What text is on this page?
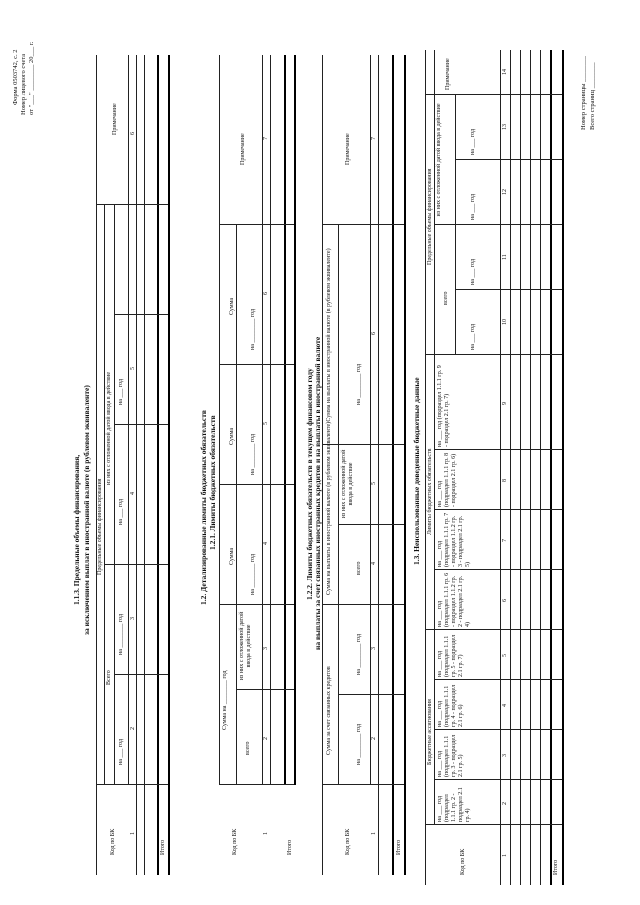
Форма 0503742, с. 2 Номер лицевого счета от "___" ________ 20___ г.
1.1.3. Предельные объемы финансирования, за исключением выплат в иностранной валюте (в рублевом эквиваленте)
Код по БК
Предельные объемы финансирования
Всего
из них с отложенной датой ввода в действие
Примечание
на ___ год
на ________ год
на ___ год
на ___ год
1
2
3
4
5
6
Итого
1.2. Детализированные лимиты бюджетных обязательств 1.2.1. Лимиты бюджетных обязательств
Код по БК
Сумма на ________ год
всего
из них с отложенной датой ввода в действие
Сумма
Сумма
Сумма
на ________ год
на ________ год
на ________ год
Примечание
1
2
3
4
5
6
7
Итого
1.2.2. Лимиты бюджетных обязательств в текущем финансовом году на выплаты за счет связанных иностранных кредитов и на выплаты в иностранной валюте
Код по БК
Сумма за счет связанных кредитов
Сумма на выплаты в иностранной валюте (в рублевом эквиваленте)
на ________ год
на ________ год
всего
из них с отложенной датой ввода в действие
Сумма на выплаты в иностранной валюте (в рублевом эквиваленте)	на ________ год
Примечание
1
2
3
4
5
6
7
Итого
1.3. Неиспользованные доведенные бюджетные данные
Код по БК
Бюджетные ассигнования
Лимиты бюджетных обязательств
Предельные объемы финансирования
всего
из них с отложенной датой ввода в действие
Примечание
на ___ год (подраздел 1.1.1 гр. 2 - подраздел 2.1 гр. 4)
на ___ год (подраздел 1.1.1 гр. 3 - подраздел 2.1 гр. 5)
на ___ год (подраздел 1.1.1 гр. 4 - подраздел 2.1 гр. 6)
на ___ год (подраздел 1.1.1 гр. 5 - подраздел 2.1 гр. 7)
на ___ год (подраздел 1.1.1 гр. 6 - подраздел 1.1.2 гр. 2 - подраздел 2.1 гр. 4)
на ___ год (подраздел 1.1.1 гр. 7 - подраздел 1.1.2 гр. 3 - подраздел 2.1 гр. 5)
на ___ год (подраздел 1.1.1 гр. 8 - подраздел 2.1 гр. 6)
на ___ год (подраздел 1.1.1 гр. 9 - подраздел 2.1 гр. 7)
на ___ год
на ___ год
на ___ год
на ___ год
1
2
3
4
5
6
7
8
9
10
11
12
13
14
Итого
Номер страницы ________
Всего страниц ________
